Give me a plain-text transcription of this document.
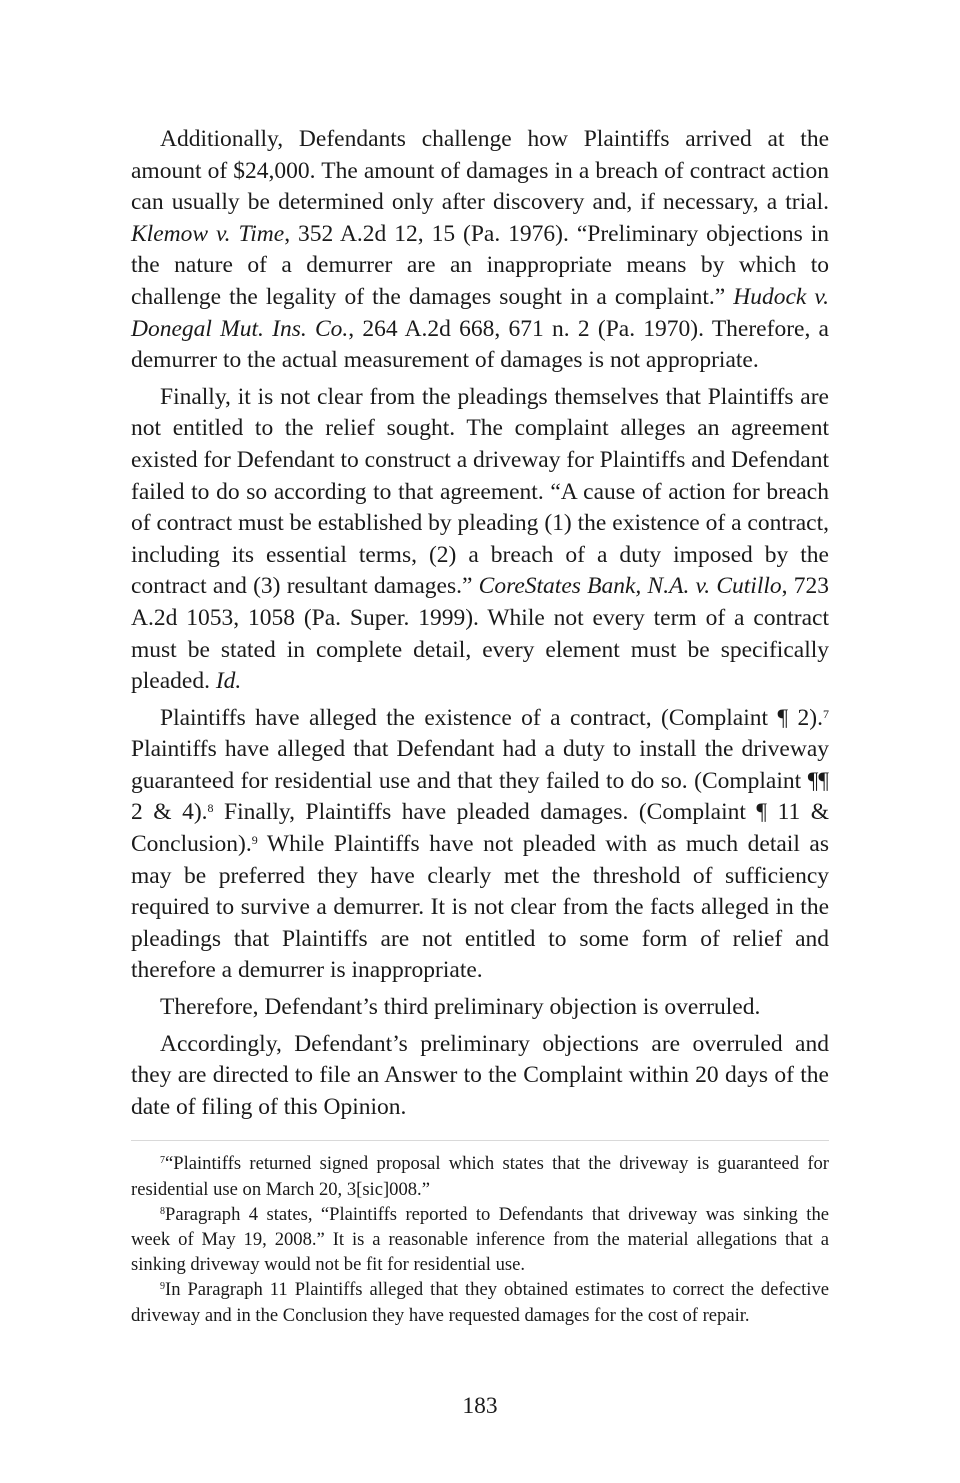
Additionally, Defendants challenge how Plaintiffs arrived at the amount of $24,000. The amount of damages in a breach of contract action can usually be determined only after discovery and, if necessary, a trial. Klemow v. Time, 352 A.2d 12, 15 (Pa. 1976). “Preliminary objections in the nature of a demurrer are an inappropriate means by which to challenge the legality of the damages sought in a complaint.” Hudock v. Donegal Mut. Ins. Co., 264 A.2d 668, 671 n. 2 (Pa. 1970). Therefore, a demurrer to the actual measurement of damages is not appropriate.

Finally, it is not clear from the pleadings themselves that Plaintiffs are not entitled to the relief sought. The complaint alleges an agreement existed for Defendant to construct a driveway for Plaintiffs and Defendant failed to do so according to that agreement. “A cause of action for breach of contract must be established by pleading (1) the existence of a contract, including its essential terms, (2) a breach of a duty imposed by the contract and (3) resultant damages.” CoreStates Bank, N.A. v. Cutillo, 723 A.2d 1053, 1058 (Pa. Super. 1999). While not every term of a contract must be stated in complete detail, every element must be specifically pleaded. Id.

Plaintiffs have alleged the existence of a contract, (Complaint ¶ 2).$^7$ Plaintiffs have alleged that Defendant had a duty to install the driveway guaranteed for residential use and that they failed to do so. (Complaint ¶¶ 2 & 4).$^8$ Finally, Plaintiffs have pleaded damages. (Complaint ¶ 11 & Conclusion).$^9$ While Plaintiffs have not pleaded with as much detail as may be preferred they have clearly met the threshold of sufficiency required to survive a demurrer. It is not clear from the facts alleged in the pleadings that Plaintiffs are not entitled to some form of relief and therefore a demurrer is inappropriate.

Therefore, Defendant’s third preliminary objection is overruled.

Accordingly, Defendant’s preliminary objections are overruled and they are directed to file an Answer to the Complaint within 20 days of the date of filing of this Opinion.

$^7$“Plaintiffs returned signed proposal which states that the driveway is guaranteed for residential use on March 20, 3[sic]008.”

$^8$Paragraph 4 states, “Plaintiffs reported to Defendants that driveway was sinking the week of May 19, 2008.” It is a reasonable inference from the material allegations that a sinking driveway would not be fit for residential use.

$^9$In Paragraph 11 Plaintiffs alleged that they obtained estimates to correct the defective driveway and in the Conclusion they have requested damages for the cost of repair.

183
